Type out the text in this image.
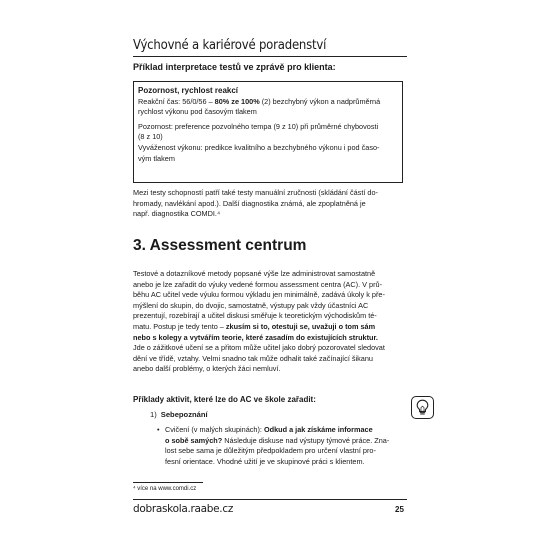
Výchovné a kariérové poradenství
Příklad interpretace testů ve zprávě pro klienta:

Pozornost, rychlost reakcí

Reakční čas: 56/0/56 – 80% ze 100% (2) bezchybný výkon a nadprůměrná

rychlost výkonu pod časovým tlakem

Pozornost: preference pozvolného tempa (9 z 10) při průměrné chybovosti

(8 z 10)

Vyváženost výkonu: predikce kvalitního a bezchybného výkonu i pod časo-

vým tlakem

Mezi testy schopností patří také testy manuální zručnosti (skládání částí do-
hromady, navlékání apod.). Další diagnostika známá, ale zpoplatněná je
např. diagnostika COMDI.⁴
3. Assessment centrum
Testové a dotazníkové metody popsané výše lze administrovat samostatně
anebo je lze zařadit do výuky vedené formou assessment centra (AC). V prů-
běhu AC učitel vede výuku formou výkladu jen minimálně, zadává úkoly k pře-
mýšlení do skupin, do dvojic, samostatně, výstupy pak vždy účastníci AC
prezentují, rozebírají a učitel diskusi směřuje k teoretickým východiskům té-
matu. Postup je tedy tento – zkusím si to, otestuji se, uvažuji o tom sám
nebo s kolegy a vytvářím teorie, které zasadím do existujících struktur.
Jde o zážitkové učení se a přitom může učitel jako dobrý pozorovatel sledovat
dění ve třídě, vztahy. Velmi snadno tak může odhalit také začínající šikanu
anebo další problémy, o kterých žáci nemluví.
Příklady aktivit, které lze do AC ve škole zařadit:
1) Sebepoznání
• Cvičení (v malých skupinách): Odkud a jak získáme informace
o sobě samých? Následuje diskuse nad výstupy týmové práce. Zna-
lost sebe sama je důležitým předpokladem pro určení vlastní pro-
fesní orientace. Vhodné užití je ve skupinové práci s klientem.
⁴ více na www.comdi.cz
dobraskola.raabe.cz	25
